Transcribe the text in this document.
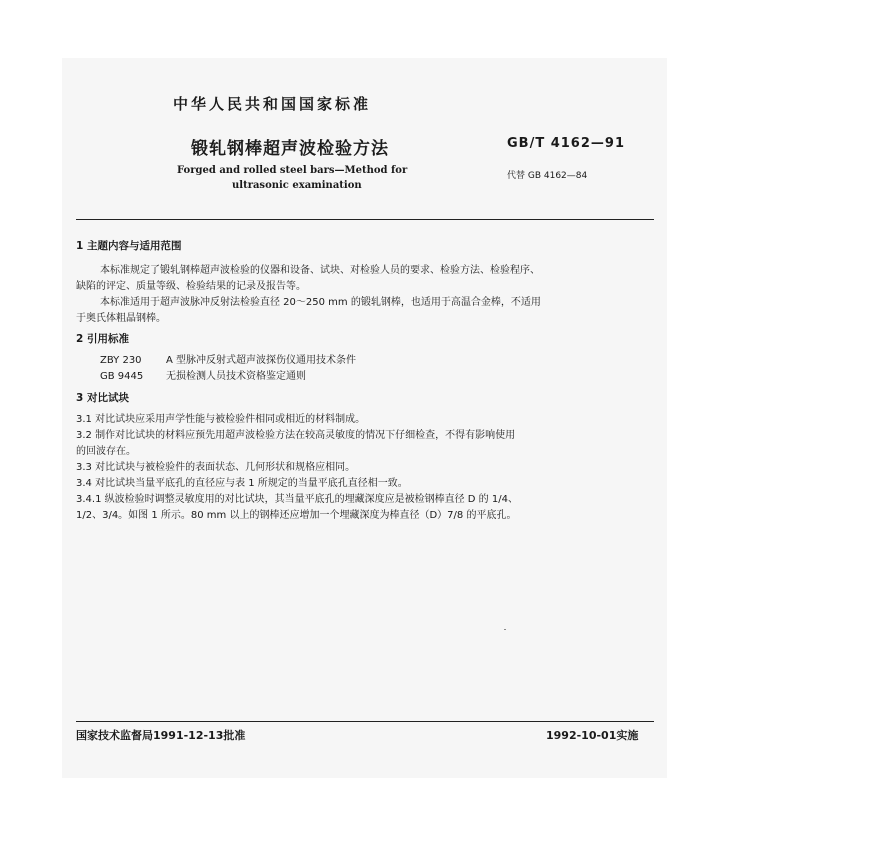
中华人民共和国国家标准
锻轧钢棒超声波检验方法	GB/T 4162—91
Forged and rolled steel bars—Method for
ultrasonic examination
代替 GB 4162—84
1 主题内容与适用范围
本标准规定了锻轧钢棒超声波检验的仪器和设备、试块、对检验人员的要求、检验方法、检验程序、
缺陷的评定、质量等级、检验结果的记录及报告等。
本标准适用于超声波脉冲反射法检验直径 20～250 mm 的锻轧钢棒，也适用于高温合金棒，不适用
于奥氏体粗晶钢棒。
2 引用标准
ZBY 230 A 型脉冲反射式超声波探伤仪通用技术条件
GB 9445 无损检测人员技术资格鉴定通则
3 对比试块
3.1 对比试块应采用声学性能与被检验件相同或相近的材料制成。
3.2 制作对比试块的材料应预先用超声波检验方法在较高灵敏度的情况下仔细检查，不得有影响使用
的回波存在。
3.3 对比试块与被检验件的表面状态、几何形状和规格应相同。
3.4 对比试块当量平底孔的直径应与表 1 所规定的当量平底孔直径相一致。
3.4.1 纵波检验时调整灵敏度用的对比试块，其当量平底孔的埋藏深度应是被检钢棒直径 D 的 1/4、
1/2、3/4。如图 1 所示。80 mm 以上的钢棒还应增加一个埋藏深度为棒直径（D）7/8 的平底孔。
国家技术监督局1991-12-13批准	1992-10-01实施
